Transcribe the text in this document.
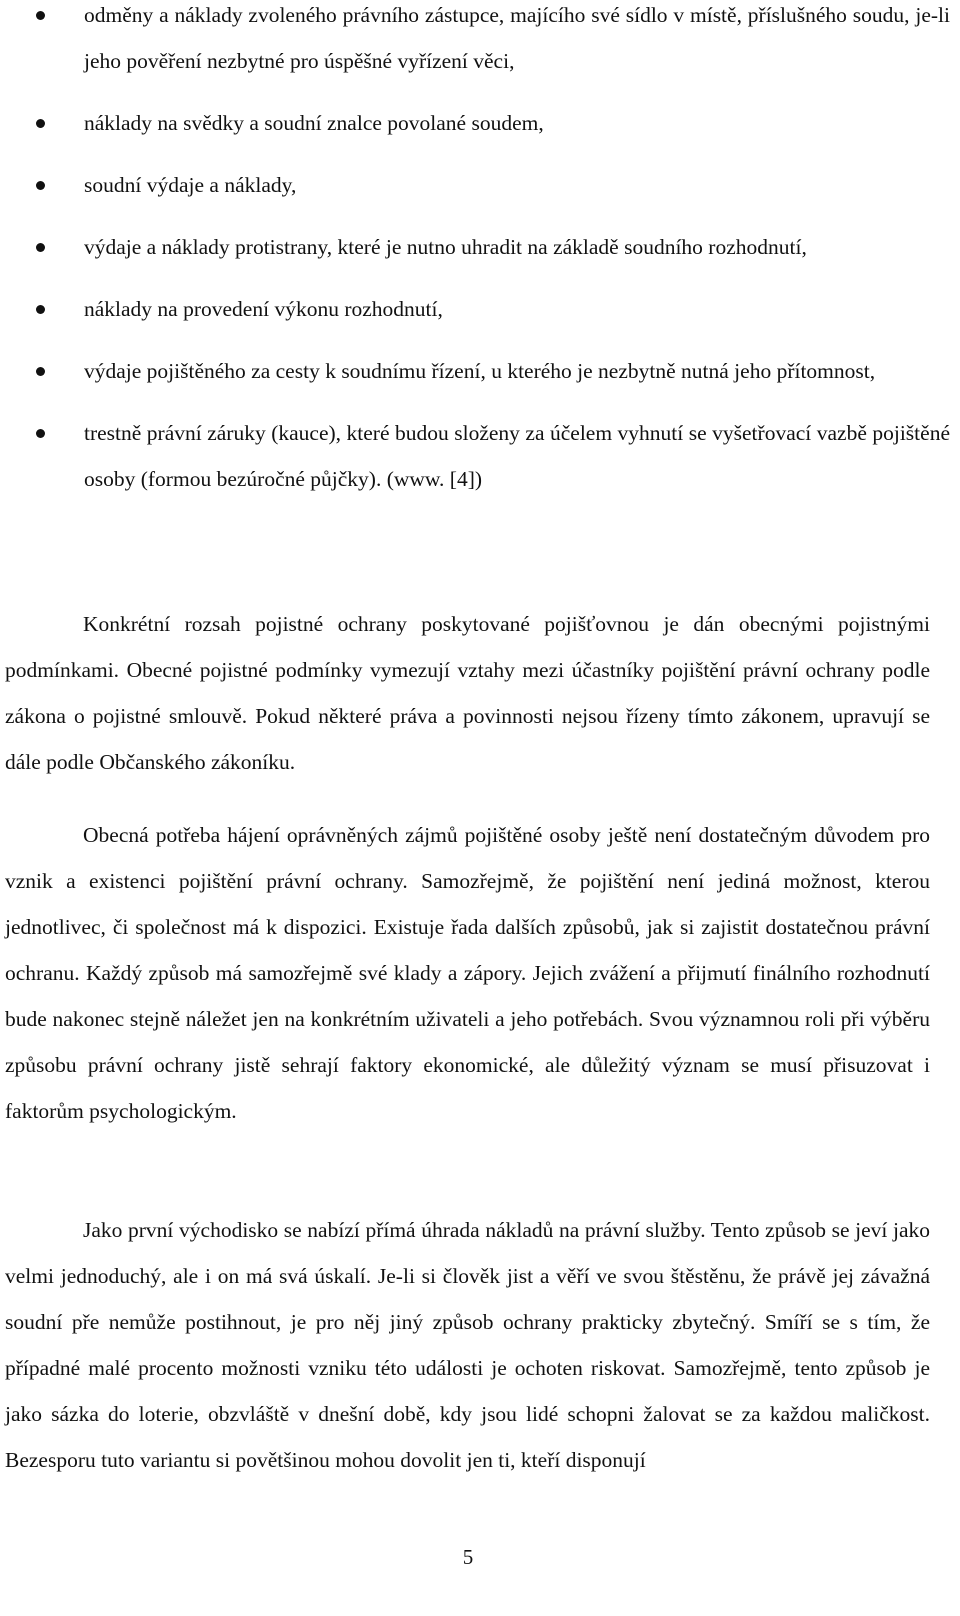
odměny a náklady zvoleného právního zástupce, majícího své sídlo v místě, příslušného soudu, je-li jeho pověření nezbytné pro úspěšné vyřízení věci,
náklady na svědky a soudní znalce povolané soudem,
soudní výdaje a náklady,
výdaje a náklady protistrany, které je nutno uhradit na základě soudního rozhodnutí,
náklady na provedení výkonu rozhodnutí,
výdaje pojištěného za cesty k soudnímu řízení, u kterého je nezbytně nutná jeho přítomnost,
trestně právní záruky (kauce), které budou složeny za účelem vyhnutí se vyšetřovací vazbě pojištěné osoby (formou bezúročné půjčky). (www. [4])

Konkrétní rozsah pojistné ochrany poskytované pojišťovnou je dán obecnými pojistnými podmínkami. Obecné pojistné podmínky vymezují vztahy mezi účastníky pojištění právní ochrany podle zákona o pojistné smlouvě. Pokud některé práva a povinnosti nejsou řízeny tímto zákonem, upravují se dále podle Občanského zákoníku.

Obecná potřeba hájení oprávněných zájmů pojištěné osoby ještě není dostatečným důvodem pro vznik a existenci pojištění právní ochrany. Samozřejmě, že pojištění není jediná možnost, kterou jednotlivec, či společnost má k dispozici. Existuje řada dalších způsobů, jak si zajistit dostatečnou právní ochranu. Každý způsob má samozřejmě své klady a zápory. Jejich zvážení a přijmutí finálního rozhodnutí bude nakonec stejně náležet jen na konkrétním uživateli a jeho potřebách. Svou významnou roli při výběru způsobu právní ochrany jistě sehrají faktory ekonomické, ale důležitý význam se musí přisuzovat i faktorům psychologickým.

Jako první východisko se nabízí přímá úhrada nákladů na právní služby. Tento způsob se jeví jako velmi jednoduchý, ale i on má svá úskalí. Je-li si člověk jist a věří ve svou štěstěnu, že právě jej závažná soudní pře nemůže postihnout, je pro něj jiný způsob ochrany prakticky zbytečný. Smíří se s tím, že případné malé procento možnosti vzniku této události je ochoten riskovat. Samozřejmě, tento způsob je jako sázka do loterie, obzvláště v dnešní době, kdy jsou lidé schopni žalovat se za každou maličkost. Bezesporu tuto variantu si povětšinou mohou dovolit jen ti, kteří disponují

5
